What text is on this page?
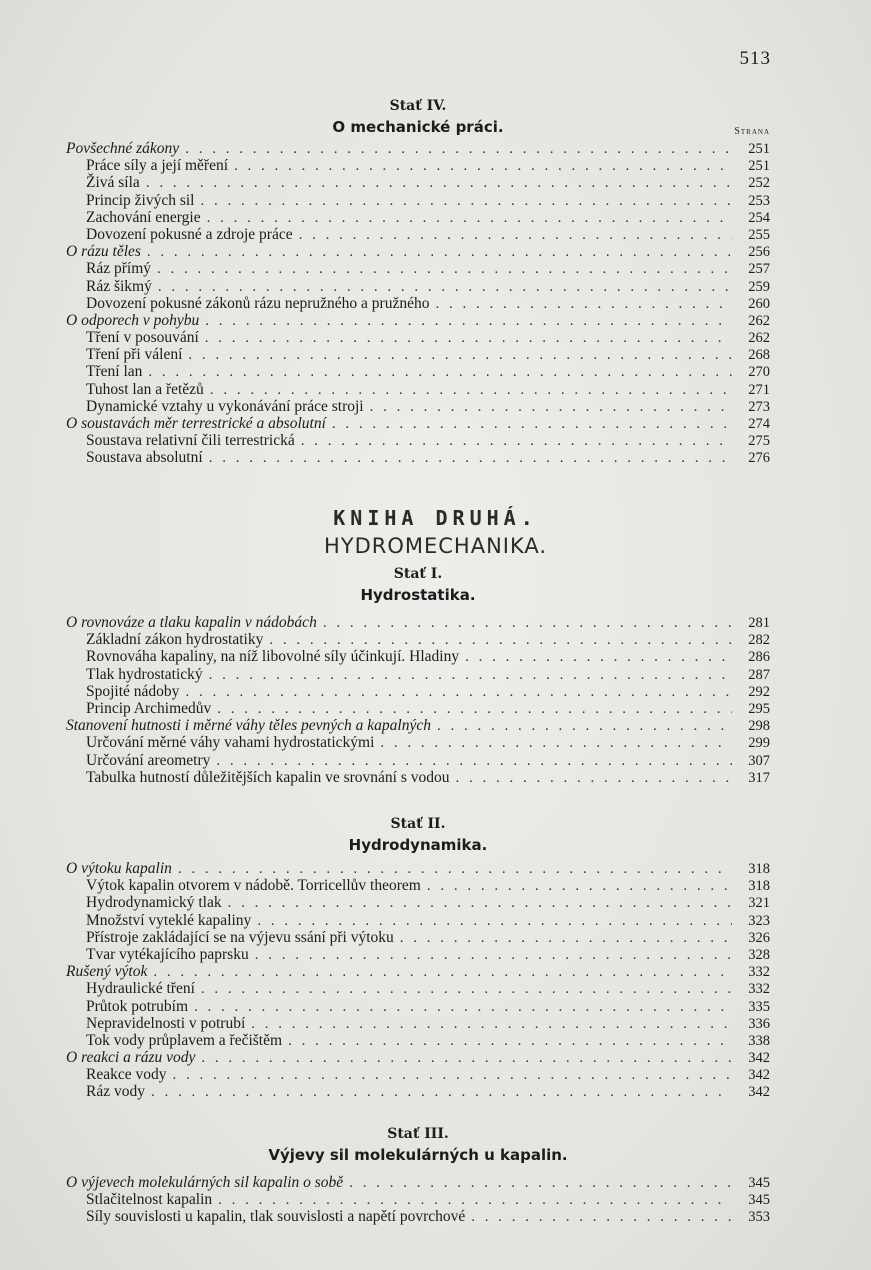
513
Stať IV.
O mechanické práci.	Strana
Povšechné zákony . . .	251
Práce síly a její měření . . .	251
Živá síla . . .	252
Princip živých sil . . .	253
Zachování energie . . .	254
Dovození pokusné a zdroje práce . . .	255
O rázu těles . . .	256
Ráz přímý . . .	257
Ráz šikmý . . .	259
Dovození pokusné zákonů rázu nepružného a pružného . . .	260
O odporech v pohybu . . .	262
Tření v posouvání . . .	262
Tření při válení . . .	268
Tření lan . . .	270
Tuhost lan a řetězů . . .	271
Dynamické vztahy u vykonávání práce stroji . . .	273
O soustavách měr terrestrické a absolutní . . .	274
Soustava relativní čili terrestrická . . .	275
Soustava absolutní . . .	276
KNIHA DRUHÁ.
HYDROMECHANIKA.
Stať I.
Hydrostatika.
O rovnováze a tlaku kapalin v nádobách . . .	281
Základní zákon hydrostatiky . . .	282
Rovnováha kapaliny, na níž libovolné síly účinkují. Hladiny . . .	286
Tlak hydrostatický . . .	287
Spojité nádoby . . .	292
Princip Archimedův . . .	295
Stanovení hutnosti i měrné váhy těles pevných a kapalných . . .	298
Určování měrné váhy vahami hydrostatickými . . .	299
Určování areometry . . .	307
Tabulka hutností důležitějších kapalin ve srovnání s vodou . . .	317
Stať II.
Hydrodynamika.
O výtoku kapalin . . .	318
Výtok kapalin otvorem v nádobě. Torricellův theorem . . .	318
Hydrodynamický tlak . . .	321
Množství vyteklé kapaliny . . .	323
Přístroje zakládající se na výjevu ssání při výtoku . . .	326
Tvar vytékajícího paprsku . . .	328
Rušený výtok . . .	332
Hydraulické tření . . .	332
Průtok potrubím . . .	335
Nepravidelnosti v potrubí . . .	336
Tok vody průplavem a řečištěm . . .	338
O reakci a rázu vody . . .	342
Reakce vody . . .	342
Ráz vody . . .	342
Stať III.
Výjevy sil molekulárných u kapalin.
O výjevech molekulárných sil kapalin o sobě . . .	345
Stlačitelnost kapalin . . .	345
Síly souvislosti u kapalin, tlak souvislosti a napětí povrchové . . .	353
